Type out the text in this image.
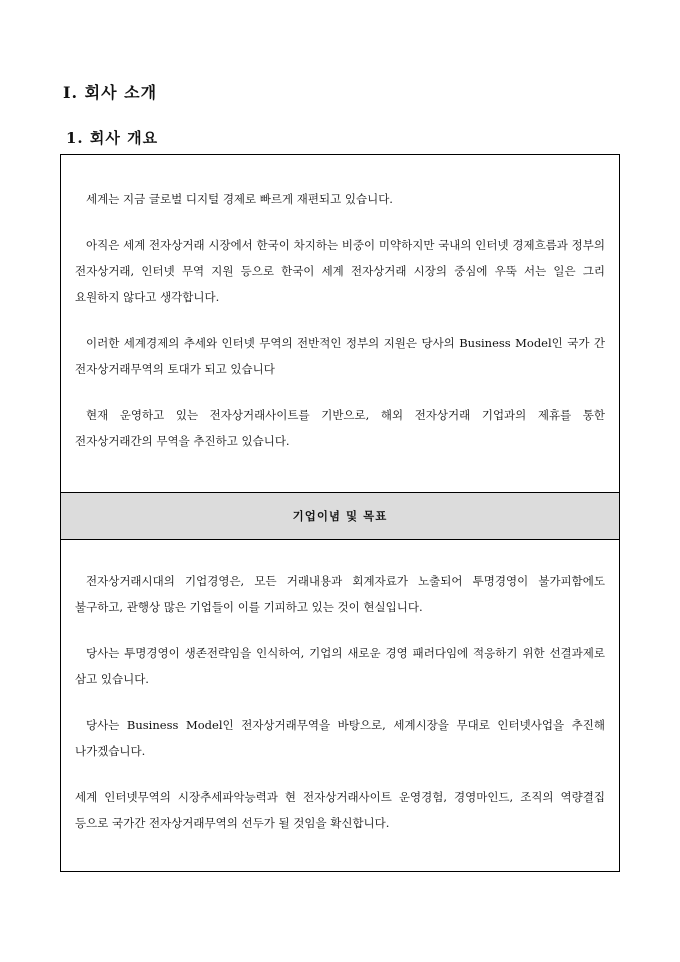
Ⅰ. 회사 소개
1. 회사 개요

세계는 지금 글로벌 디지털 경제로 빠르게 재편되고 있습니다.

아직은 세계 전자상거래 시장에서 한국이 차지하는 비중이 미약하지만 국내의 인터넷 경제흐름과 정부의 전자상거래, 인터넷 무역 지원 등으로 한국이 세계 전자상거래 시장의 중심에 우뚝 서는 일은 그리 요원하지 않다고 생각합니다.

이러한 세계경제의 추세와 인터넷 무역의 전반적인 정부의 지원은 당사의 Business Model인 국가 간 전자상거래무역의 토대가 되고 있습니다

현재 운영하고 있는 전자상거래사이트를 기반으로, 해외 전자상거래 기업과의 제휴를 통한 전자상거래간의 무역을 추진하고 있습니다.

기업이념 및 목표

전자상거래시대의 기업경영은, 모든 거래내용과 회계자료가 노출되어 투명경영이 불가피함에도 불구하고, 관행상 많은 기업들이 이를 기피하고 있는 것이 현실입니다.

당사는 투명경영이 생존전략임을 인식하여, 기업의 새로운 경영 패러다임에 적응하기 위한 선결과제로 삼고 있습니다.

당사는 Business Model인 전자상거래무역을 바탕으로, 세계시장을 무대로 인터넷사업을 추진해 나가겠습니다.

세계 인터넷무역의 시장추세파악능력과 현 전자상거래사이트 운영경험, 경영마인드, 조직의 역량결집 등으로 국가간 전자상거래무역의 선두가 될 것임을 확신합니다.
